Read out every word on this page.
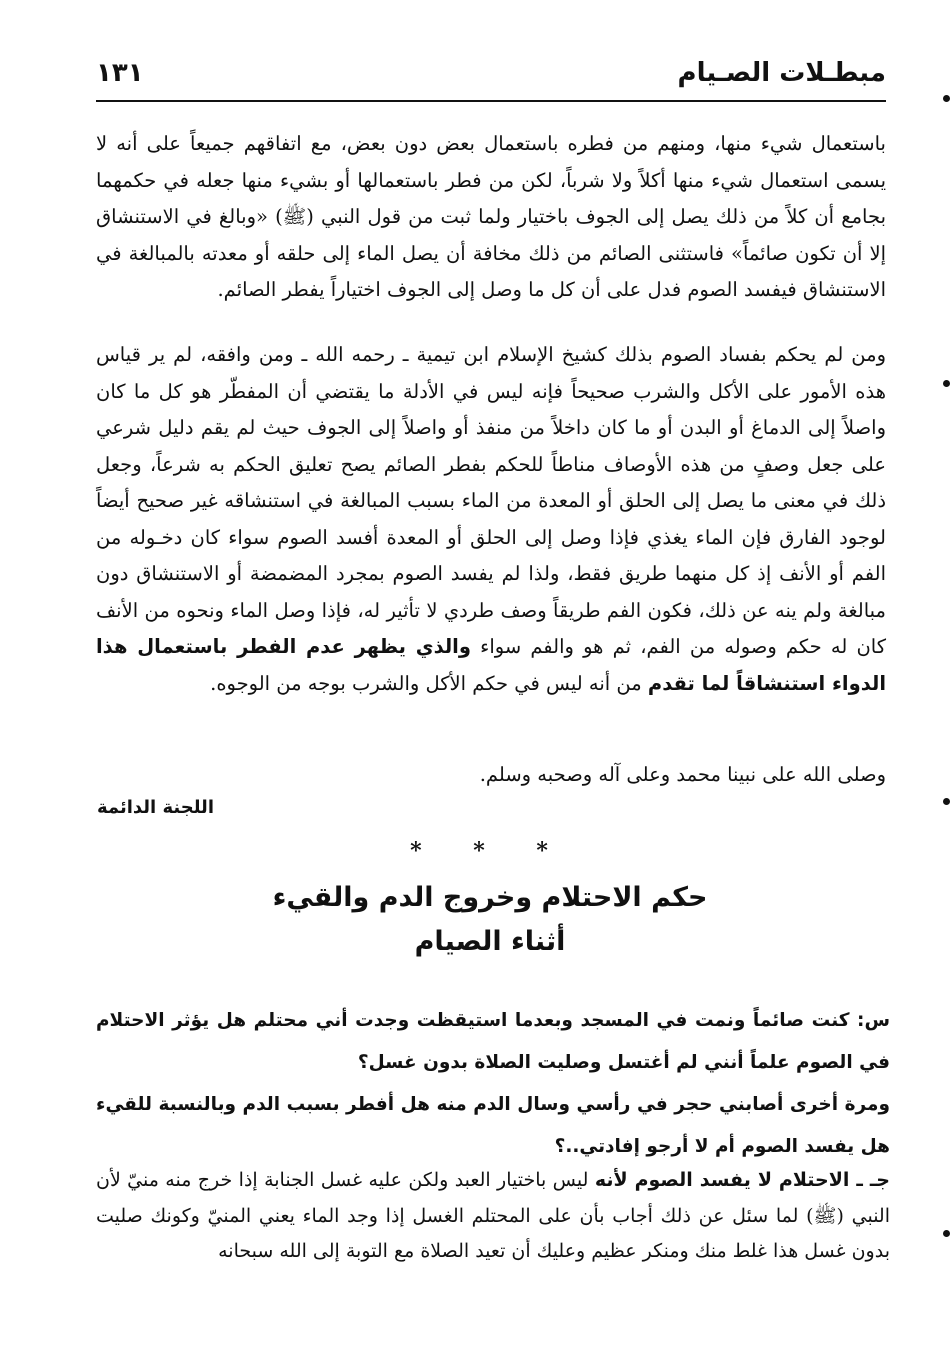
مبطـلات الصـيام
١٣١

باستعمال شيء منها، ومنهم من فطره باستعمال بعض دون بعض، مع اتفاقهم جميعاً على أنه لا يسمى استعمال شيء منها أكلاً ولا شرباً، لكن من فطر باستعمالها أو بشيء منها جعله في حكمهما بجامع أن كلاً من ذلك يصل إلى الجوف باختيار ولما ثبت من قول النبي (ﷺ) «وبالغ في الاستنشاق إلا أن تكون صائماً» فاستثنى الصائم من ذلك مخافة أن يصل الماء إلى حلقه أو معدته بالمبالغة في الاستنشاق فيفسد الصوم فدل على أن كل ما وصل إلى الجوف اختياراً يفطر الصائم.

ومن لم يحكم بفساد الصوم بذلك كشيخ الإسلام ابن تيمية ـ رحمه الله ـ ومن وافقه، لم ير قياس هذه الأمور على الأكل والشرب صحيحاً فإنه ليس في الأدلة ما يقتضي أن المفطّر هو كل ما كان واصلاً إلى الدماغ أو البدن أو ما كان داخلاً من منفذ أو واصلاً إلى الجوف حيث لم يقم دليل شرعي على جعل وصفٍ من هذه الأوصاف مناطاً للحكم بفطر الصائم يصح تعليق الحكم به شرعاً، وجعل ذلك في معنى ما يصل إلى الحلق أو المعدة من الماء بسبب المبالغة في استنشاقه غير صحيح أيضاً لوجود الفارق فإن الماء يغذي فإذا وصل إلى الحلق أو المعدة أفسد الصوم سواء كان دخـوله من الفم أو الأنف إذ كل منهما طريق فقط، ولذا لم يفسد الصوم بمجرد المضمضة أو الاستنشاق دون مبالغة ولم ينه عن ذلك، فكون الفم طريقاً وصف طردي لا تأثير له، فإذا وصل الماء ونحوه من الأنف كان له حكم وصوله من الفم، ثم هو والفم سواء والذي يظهر عدم الفطر باستعمال هذا الدواء استنشاقاً لما تقدم من أنه ليس في حكم الأكل والشرب بوجه من الوجوه.

وصلى الله على نبينا محمد وعلى آله وصحبه وسلم.

اللجنة الدائمة
* * *
حكم الاحتلام وخروج الدم والقيء
أثناء الصيام

س: كنت صائماً ونمت في المسجد وبعدما استيقظت وجدت أني محتلم هل يؤثر الاحتلام في الصوم علماً أنني لم أغتسل وصليت الصلاة بدون غسل؟

ومرة أخرى أصابني حجر في رأسي وسال الدم منه هل أفطر بسبب الدم وبالنسبة للقيء هل يفسد الصوم أم لا أرجو إفادتي..؟

جـ ـ الاحتلام لا يفسد الصوم لأنه ليس باختيار العبد ولكن عليه غسل الجنابة إذا خرج منه منيّ لأن النبي (ﷺ) لما سئل عن ذلك أجاب بأن على المحتلم الغسل إذا وجد الماء يعني المنيّ وكونك صليت بدون غسل هذا غلط منك ومنكر عظيم وعليك أن تعيد الصلاة مع التوبة إلى الله سبحانه
